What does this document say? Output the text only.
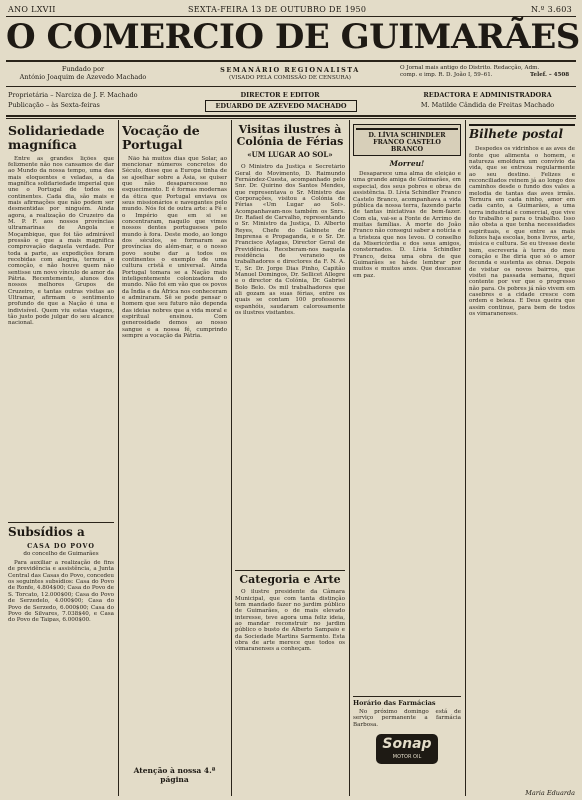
ANO LXVII	SEXTA-FEIRA 13 DE OUTUBRO DE 1950	N.º 3.603
O COMERCIO DE GUIMARÃES
Fundado por
António Joaquim de Azevedo Machado
SEMANÁRIO REGIONALISTA
(VISADO PELA COMISSÃO DE CENSURA)
O Jornal mais antigo do Distrito. Redacção, Adm.
comp. e imp. R. D. João I, 59–61.	Telef. – 4508
Proprietária – Narciza de J. F. Machado
Publicação – às Sexta-feiras
DIRECTOR E EDITOR
EDUARDO DE AZEVEDO MACHADO
REDACTORA E ADMINISTRADORA
M. Matilde Cândida de Freitas Machado
Solidariedade magnífica

Entre as grandes lições que felizmente não nos cansamos de dar ao Mundo da nossa tempo, uma das mais eloquentes e veladas, a da magnífica solidariedade imperial que une o Portugal de todos os continentes. Cada dia, são mais e mais afirmações que não podem ser desmentidas por ninguém. Ainda agora, a realização do Cruzeiro da M. P. F. aos nossos províncias ultramarinas de Angola e Moçambique, que foi tão admirável pressão e que a mais magnífica comprovação daquela verdade. Por toda a parte, as expedições foram recebidas com alegria, ternura e comoção, e não houve quem não sentisse um novo vínculo de amor da Pátria. Recentemente, alunos dos nossos melhores Grupos de Cruzeiro, e tantas outras visitas ao Ultramar, afirmam o sentimento profundo de que a Nação é una e indivisível. Quem viu estas viagens, tão justo pode julgar do seu alcance nacional.

Subsídios a
CASA DO POVO
do concelho de Guimarães

Para auxiliar a realização de fins de previdência e assistência, a Junta Central das Casas do Povo, concedeu os seguintes subsídios: Casa do Povo de Ronfe, 4.804$00; Casa do Povo de S. Torcato, 12.000$00; Casa do Povo de Serzedelo, 4.000$00; Casa do Povo de Serzedo, 6.000$00; Casa do Povo de Silvares, 7.038$40, e Casa do Povo de Taipas, 6.000$00.

Vocação de Portugal

Não há muitos dias que Solar, ao mencionar números concretos do Século, disse que a Europa tinha de se ajoelhar sobre a Ásia, se quiser que não desaparecesse no esquecimento. E é formas modernas da ética que Portugal enviava os seus missionários e navegantes pelo mundo. Nós foi de outra arte: a Fé e o Império que em si se concentraram, naquilo que vimos nossos dentes portugueses pelo mundo à fora. Deste modo, ao longo dos séculos, se formaram as províncias do além-mar, e o nosso povo soube dar a todos os continentes o exemplo de uma cultura cristã e universal. Ainda Portugal tomara se a Nação mais inteligentemente colonizadora do mundo. Não foi em vão que os povos da Índia e da África nos conheceram e admiraram. Sê se pode pensar o homem que seu futuro não dependa das ideias nobres que a vida moral e espiritual ensinou. Com generosidade demos ao nosso sangue e a nossa fé, cumprindo sempre a vocação da Pátria.

Atenção à nossa 4.ª página
Visitas ilustres à Colónia de Férias
«UM LUGAR AO SOL»

O Ministro da Justiça e Secretário Geral do Movimento, D. Raimundo Fernández-Cuesta, acompanhado pelo Snr. Dr. Quirino dos Santos Mendes, que representava o Sr. Ministro das Corporações, visitou a Colónia de Férias «Um Lugar ao Sol». Acompanhavam-nos também os Snrs. Dr. Rafael de Carvalho, representando o Sr. Ministro da Justiça, D. Alberto Reyes, Chefe do Gabinete de Imprensa e Propaganda, e o Sr. Dr. Francisco Aylagas, Director Geral de Previdência. Receberam-nos naquela residência de veraneio os trabalhadores e directores da F. N. A. T., Sr. Dr. Jorge Dias Pinho, Capitão Manuel Domingos, Dr. Sellicet Allegre e o director da Colónia, Dr. Gabriel Bolo Belo. Os mil trabalhadores que ali gozam as suas férias, entre os quais se contam 100 professores espanhóis, saudaram calorosamente os ilustres visitantes.

Categoria e Arte

O ilustre presidente da Câmara Municipal, que com tanta distinção tem mandado fazer no jardim público de Guimarães, o de mais elevado interesse, teve agora uma feliz ideia, ao mandar reconstruir no jardim público o busto de Alberto Sampaio e da Sociedade Martins Sarmento. Esta obra de arte merece que todos os vimaranenses a conheçam.

D. LÍVIA SCHINDLER FRANCO CASTELO BRANCO
Morreu!

Desaparece uma alma de eleição e uma grande amiga de Guimarães, em especial, dos seus pobres e obras de assistência. D. Lívia Schindler Franco Castelo Branco, acompanhava a vida pública da nossa terra, fazendo parte de tantas iniciativas de bem-fazer. Com ela, vai-se a Fonte de Arrimo de muitas famílias. À morte do João Franco não consegui saber a notícia e a tristeza que nos levou. O conselho da Misericórdia e dos seus amigos, consternados. D. Lívia Schindler Franco, deixa uma obra de que Guimarães se há-de lembrar por muitos e muitos anos. Que descanse em paz.

Horário das Farmácias

No próximo domingo está de serviço permanente a farmácia Barbosa.

Sonap
MOTOR OIL
Bilhete postal

Despedes os vidrinhos e as aves de fonte que alimenta o homem, e natureza emoldura um convívio da vida, que se entreza regularmente ao seu destino. Felizes e reconciliados reinem já ao longo dos caminhos desde o fundo dos vales a melodia de tantas das aves irmãs. Ternura em cada ninho, amor em cada canto, a Guimarães, a uma terra industrial e comercial, que vive do trabalho e para o trabalho. Isso não obsta a que tenha necessidades espirituais, e que entre as mais felizes haja escolas, bons livros, arte, música e cultura. Se eu tivesse deste bem, escreveria à terra do meu coração e lhe diria que só o amor fecunda e sustenta as obras. Depois de visitar os novos bairros, que visitei na passada semana, fiquei contente por ver que o progresso não para. Os pobres já não vivem em casebres e a cidade cresce com ordem e beleza. E Deus queira que assim continue, para bem de todos os vimaranenses.

Maria Eduarda
